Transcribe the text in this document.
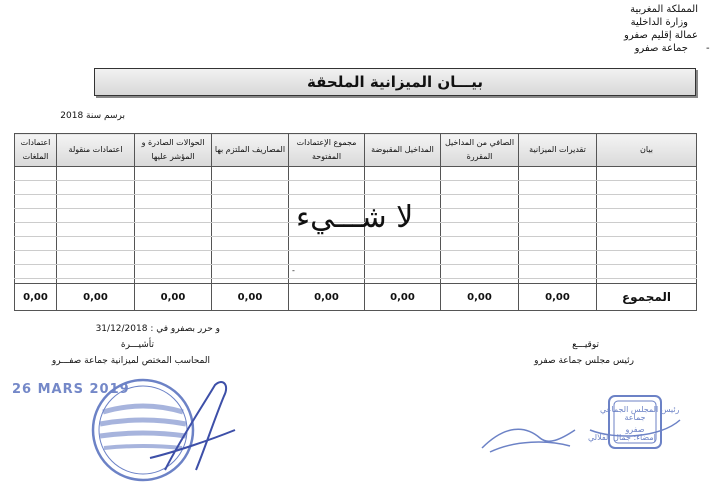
المملكة المغربية
وزارة الداخلية
عمالة إقليم صفرو
جماعة صفرو -
بيـــان الميزانية الملحقة
برسم سنة 2018
بيان	تقديرات الميزانية	الصافي من المداخيل المقررة	المداخيل المقبوضة	مجموع الإعتمادات المفتوحة	المصاريف الملتزم بها	الحوالات الصادرة و المؤشر عليها	اعتمادات منقولة	اعتمادات الملغات

المجموع	0,00	0,00	0,00	0,00	0,00	0,00	0,00	0,00
لا شـــيء
-
و حرر بصفرو في : 31/12/2018
تأشيـــرة
المحاسب المختص لميزانية جماعة صفـــرو
توقيـــع
رئيس مجلس جماعة صفرو
26 MARS 2019
رئيس المجلس الجماعي
إمضاء: جمال الفلالي
جماعة
صفرو
